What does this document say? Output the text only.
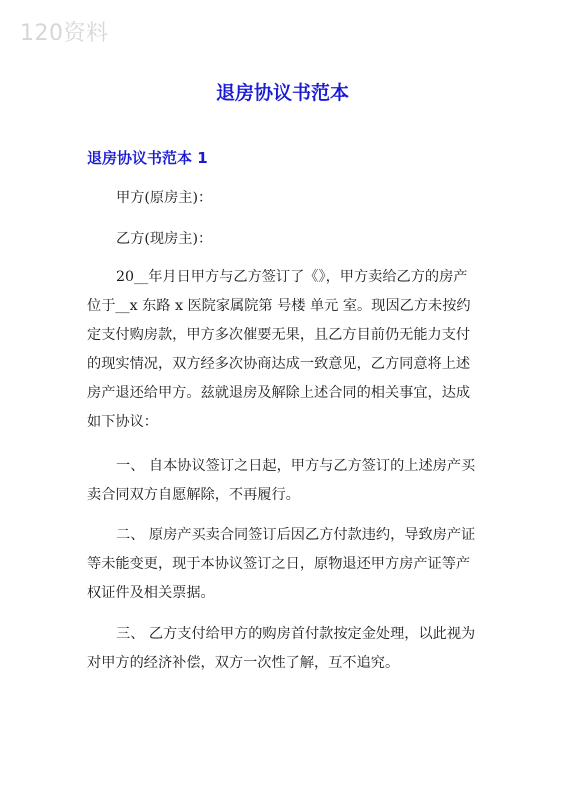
120资料
退房协议书范本
退房协议书范本 1

甲方(原房主)：

乙方(现房主)：

20__年月日甲方与乙方签订了《》，甲方卖给乙方的房产
位于__x 东路 x 医院家属院第 号楼 单元 室。现因乙方未按约
定支付购房款，甲方多次催要无果，且乙方目前仍无能力支付
的现实情况，双方经多次协商达成一致意见，乙方同意将上述
房产退还给甲方。兹就退房及解除上述合同的相关事宜，达成
如下协议：
一、 自本协议签订之日起，甲方与乙方签订的上述房产买
卖合同双方自愿解除，不再履行。
二、 原房产买卖合同签订后因乙方付款违约，导致房产证
等未能变更，现于本协议签订之日，原物退还甲方房产证等产
权证件及相关票据。
三、 乙方支付给甲方的购房首付款按定金处理，以此视为
对甲方的经济补偿，双方一次性了解，互不追究。
